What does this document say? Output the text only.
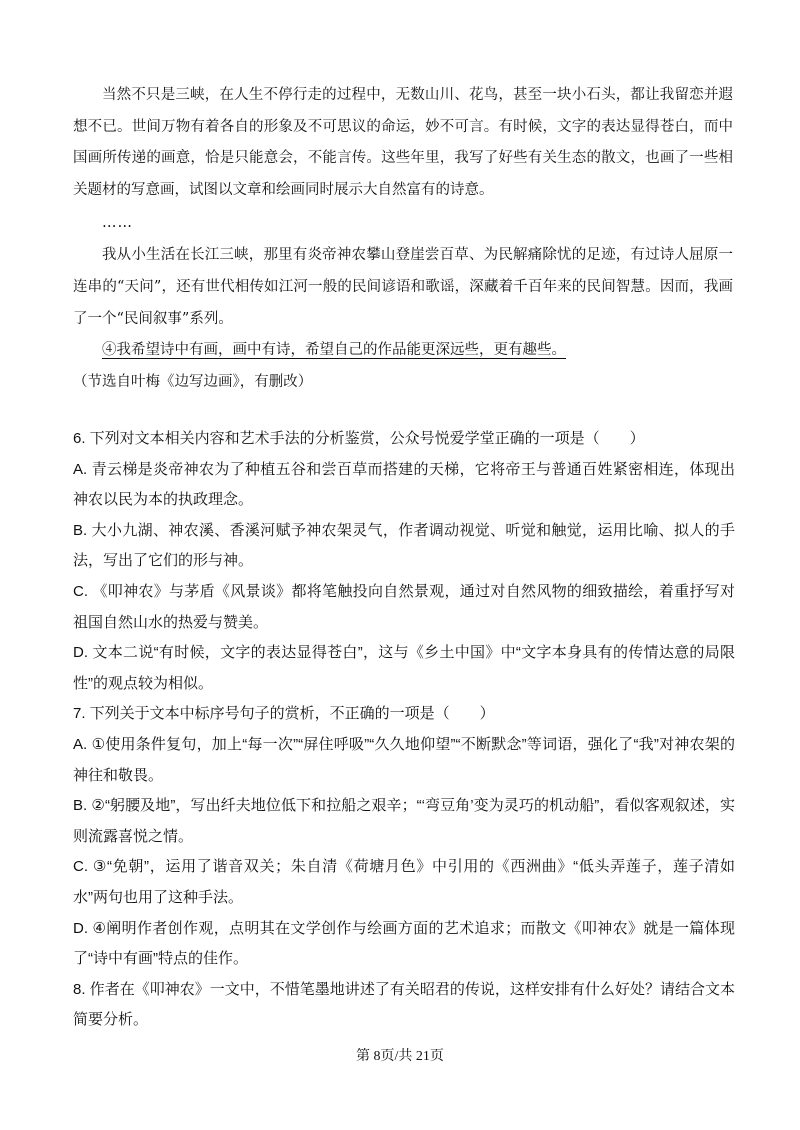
当然不只是三峡，在人生不停行走的过程中，无数山川、花鸟，甚至一块小石头，都让我留恋并遐想不已。世间万物有着各自的形象及不可思议的命运，妙不可言。有时候，文字的表达显得苍白，而中国画所传递的画意，恰是只能意会，不能言传。这些年里，我写了好些有关生态的散文，也画了一些相关题材的写意画，试图以文章和绘画同时展示大自然富有的诗意。

……

我从小生活在长江三峡，那里有炎帝神农攀山登崖尝百草、为民解痛除忧的足迹，有过诗人屈原一连串的“天问”，还有世代相传如江河一般的民间谚语和歌谣，深藏着千百年来的民间智慧。因而，我画了一个“民间叙事”系列。

④我希望诗中有画，画中有诗，希望自己的作品能更深远些，更有趣些。

（节选自叶梅《边写边画》，有删改）

6. 下列对文本相关内容和艺术手法的分析鉴赏，公众号悦爱学堂正确的一项是（　　）

A. 青云梯是炎帝神农为了种植五谷和尝百草而搭建的天梯，它将帝王与普通百姓紧密相连，体现出神农以民为本的执政理念。

B. 大小九湖、神农溪、香溪河赋予神农架灵气，作者调动视觉、听觉和触觉，运用比喻、拟人的手法，写出了它们的形与神。

C. 《叩神农》与茅盾《风景谈》都将笔触投向自然景观，通过对自然风物的细致描绘，着重抒写对祖国自然山水的热爱与赞美。

D. 文本二说“有时候，文字的表达显得苍白”，这与《乡土中国》中“文字本身具有的传情达意的局限性”的观点较为相似。

7. 下列关于文本中标序号句子的赏析，不正确的一项是（　　）

A. ①使用条件复句，加上“每一次”“屏住呼吸”“久久地仰望”“不断默念”等词语，强化了“我”对神农架的神往和敬畏。

B. ②“躬腰及地”，写出纤夫地位低下和拉船之艰辛；“‘弯豆角’变为灵巧的机动船”，看似客观叙述，实则流露喜悦之情。

C. ③“免朝”，运用了谐音双关；朱自清《荷塘月色》中引用的《西洲曲》“低头弄莲子，莲子清如水”两句也用了这种手法。

D. ④阐明作者创作观，点明其在文学创作与绘画方面的艺术追求；而散文《叩神农》就是一篇体现了“诗中有画”特点的佳作。

8. 作者在《叩神农》一文中，不惜笔墨地讲述了有关昭君的传说，这样安排有什么好处？请结合文本简要分析。

第 8页/共 21页
